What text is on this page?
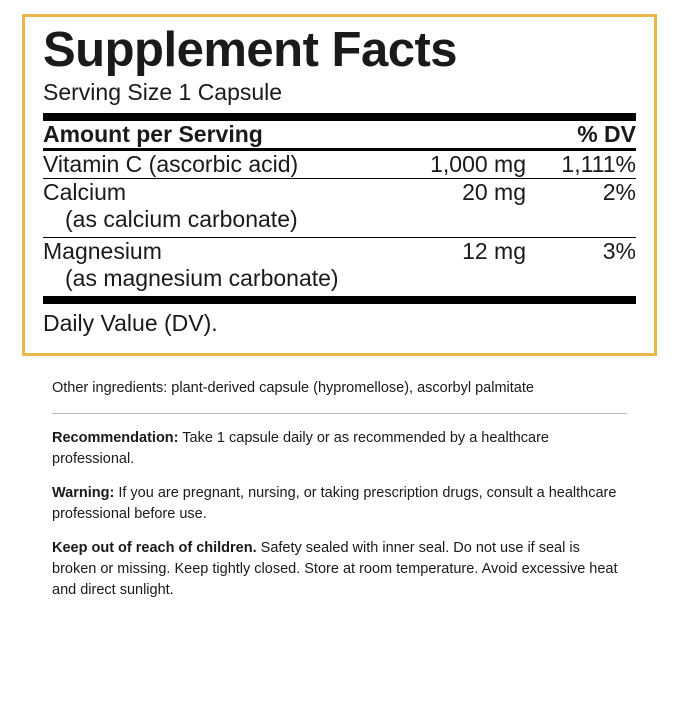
Supplement Facts
Serving Size 1 Capsule
Amount per Serving		% DV

Vitamin C (ascorbic acid)	1,000 mg	1,111%

Calcium	20 mg	2%

(as calcium carbonate)		

Magnesium	12 mg	3%

(as magnesium carbonate)		
Daily Value (DV).

Other ingredients: plant-derived capsule (hypromellose), ascorbyl palmitate

Recommendation: Take 1 capsule daily or as recommended by a healthcare professional.

Warning: If you are pregnant, nursing, or taking prescription drugs, consult a healthcare professional before use.

Keep out of reach of children. Safety sealed with inner seal. Do not use if seal is broken or missing. Keep tightly closed. Store at room temperature. Avoid excessive heat and direct sunlight.
